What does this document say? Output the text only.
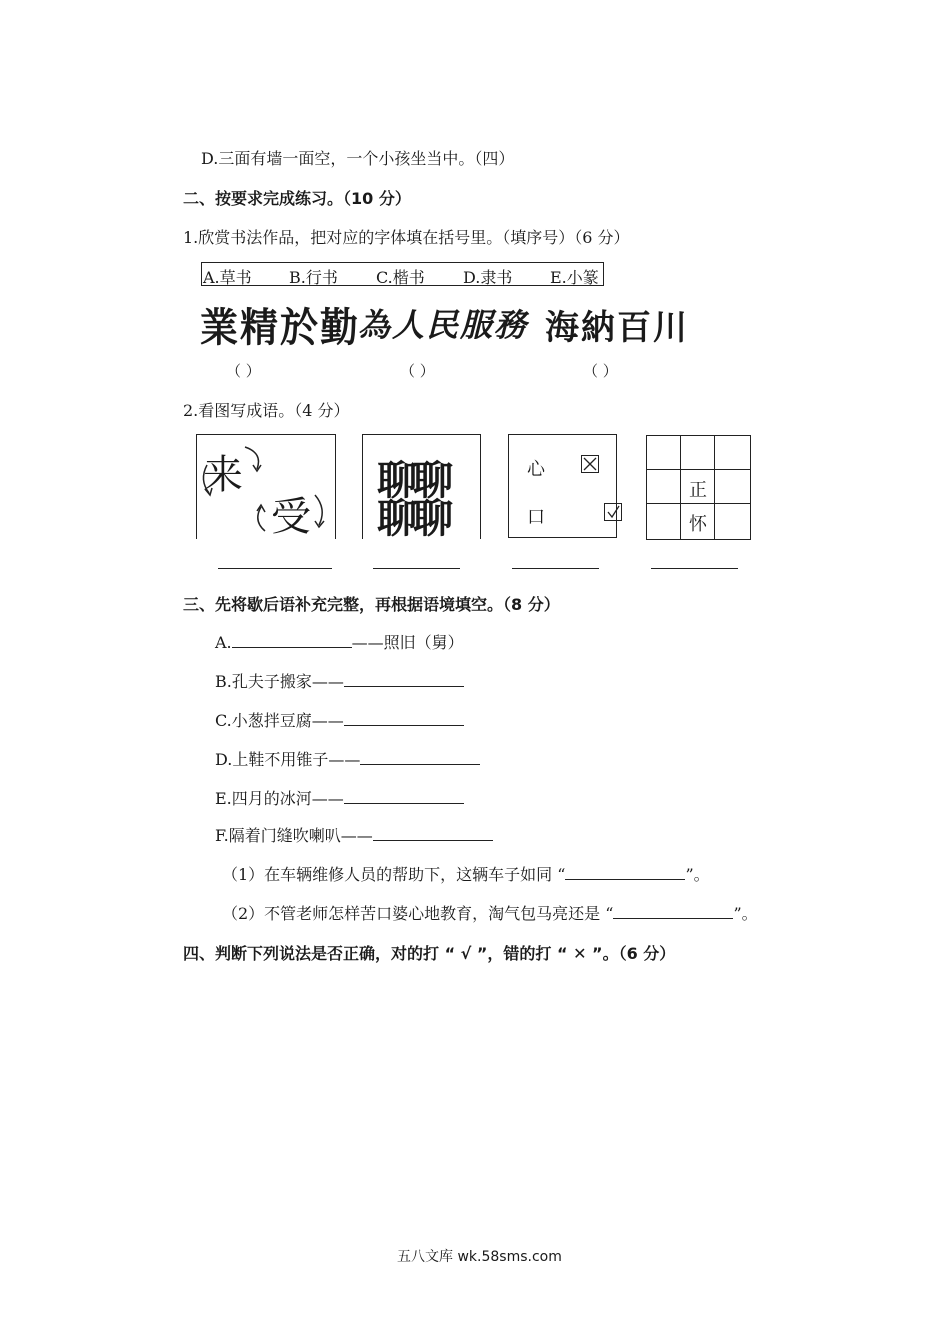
D.三面有墙一面空，一个小孩坐当中。（四）
二、按要求完成练习。（10 分）
1.欣赏书法作品，把对应的字体填在括号里。（填序号）（6 分）
A.草书 B.行书 C.楷书 D.隶书 E.小篆
業精於勤
為人民服務 海納百川
（ ）	（ ）	（ ）
2.看图写成语。（4 分）
来
受
聊聊
聊聊
心
口

正
怀
三、先将歇后语补充完整，再根据语境填空。（8 分）
A.	——照旧（舅）
B.孔夫子搬家——
C.小葱拌豆腐——
D.上鞋不用锥子——
E.四月的冰河——
F.隔着门缝吹喇叭——
（1）在车辆维修人员的帮助下，这辆车子如同 “	”。
（2）不管老师怎样苦口婆心地教育，淘气包马亮还是 “	”。
四、判断下列说法是否正确，对的打 “ √ ”，错的打 “ ✕ ”。（6 分）
五八文库 wk.58sms.com
